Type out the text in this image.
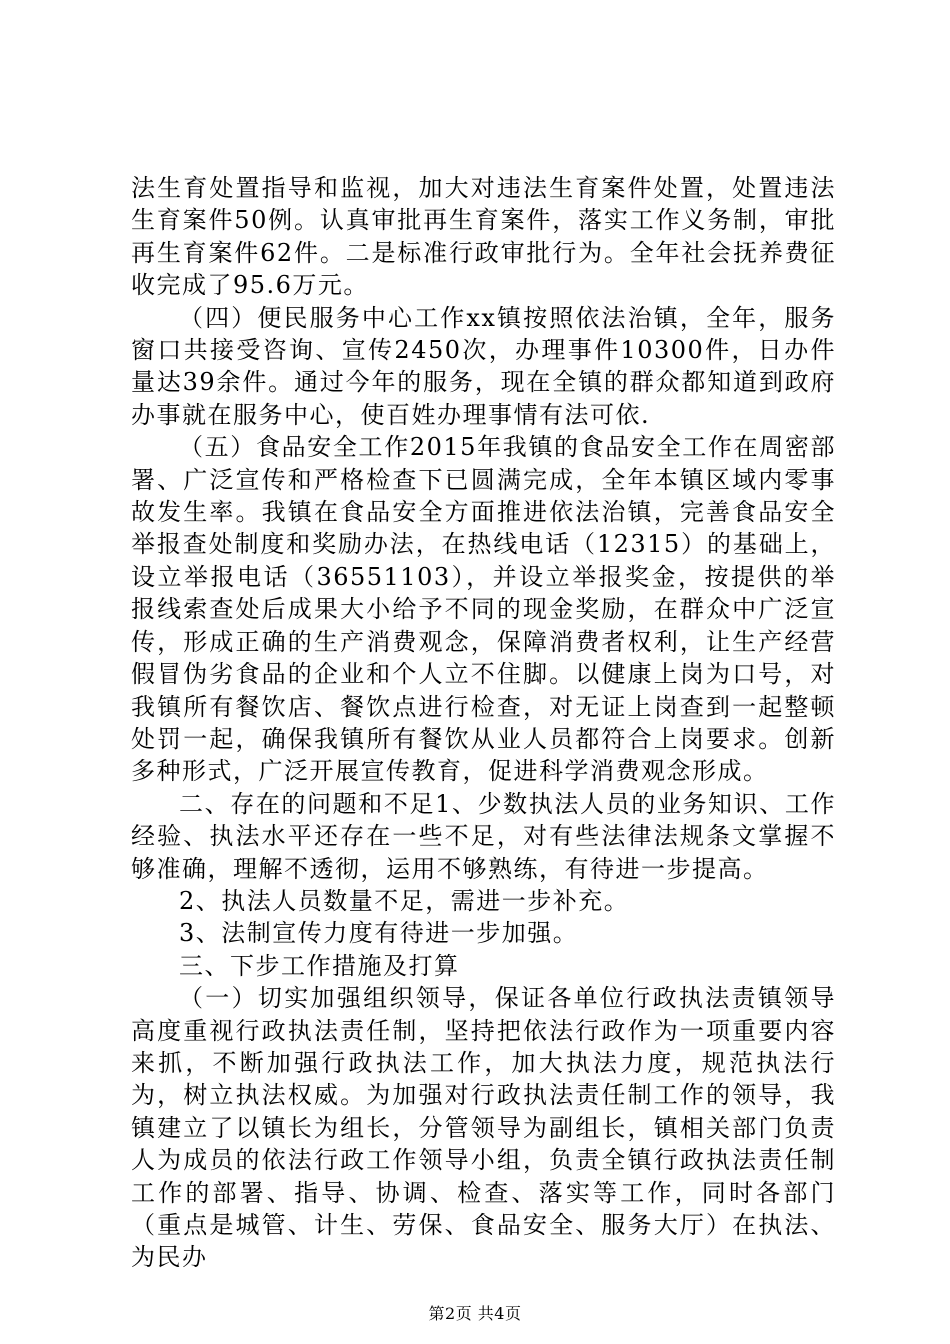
法生育处置指导和监视，加大对违法生育案件处置，处置违法生育案件50例。认真审批再生育案件，落实工作义务制，审批再生育案件62件。二是标准行政审批行为。全年社会抚养费征收完成了95.6万元。

（四）便民服务中心工作xx镇按照依法治镇，全年，服务窗口共接受咨询、宣传2450次，办理事件10300件，日办件量达39余件。通过今年的服务，现在全镇的群众都知道到政府办事就在服务中心，使百姓办理事情有法可依.

（五）食品安全工作2015年我镇的食品安全工作在周密部署、广泛宣传和严格检查下已圆满完成，全年本镇区域内零事故发生率。我镇在食品安全方面推进依法治镇，完善食品安全举报查处制度和奖励办法，在热线电话（12315）的基础上，设立举报电话（36551103），并设立举报奖金，按提供的举报线索查处后成果大小给予不同的现金奖励，在群众中广泛宣传，形成正确的生产消费观念，保障消费者权利，让生产经营假冒伪劣食品的企业和个人立不住脚。以健康上岗为口号，对我镇所有餐饮店、餐饮点进行检查，对无证上岗查到一起整顿处罚一起，确保我镇所有餐饮从业人员都符合上岗要求。创新多种形式，广泛开展宣传教育，促进科学消费观念形成。

二、存在的问题和不足1、少数执法人员的业务知识、工作经验、执法水平还存在一些不足，对有些法律法规条文掌握不够准确，理解不透彻，运用不够熟练，有待进一步提高。

2、执法人员数量不足，需进一步补充。

3、法制宣传力度有待进一步加强。

三、下步工作措施及打算

（一）切实加强组织领导，保证各单位行政执法责镇领导高度重视行政执法责任制，坚持把依法行政作为一项重要内容来抓，不断加强行政执法工作，加大执法力度，规范执法行为，树立执法权威。为加强对行政执法责任制工作的领导，我镇建立了以镇长为组长，分管领导为副组长，镇相关部门负责人为成员的依法行政工作领导小组，负责全镇行政执法责任制工作的部署、指导、协调、检查、落实等工作，同时各部门（重点是城管、计生、劳保、食品安全、服务大厅）在执法、为民办

第2页 共4页
